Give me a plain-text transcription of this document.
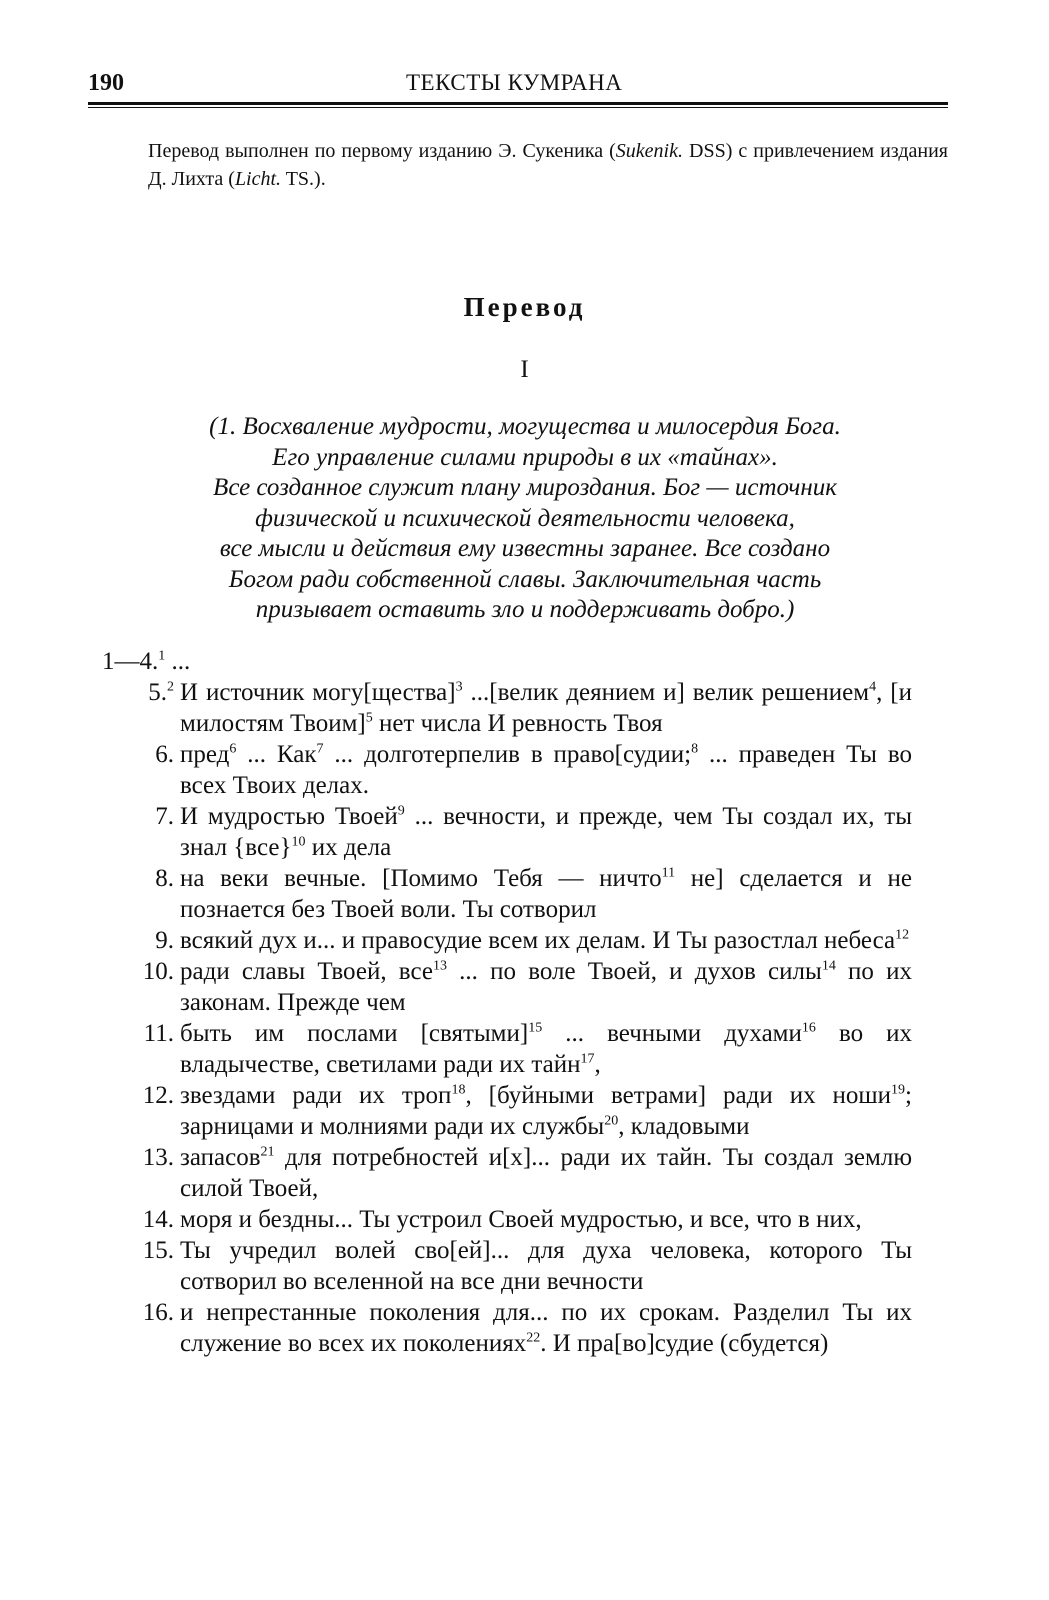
190	ТЕКСТЫ КУМРАНА
Перевод выполнен по первому изданию Э. Сукеника (Sukenik. DSS) с привлечением издания Д. Лихта (Licht. TS.).
Перевод
I
(1. Восхваление мудрости, могущества и милосердия Бога.
Его управление силами природы в их «тайнах».
Все созданное служит плану мироздания. Бог — источник
физической и психической деятельности человека,
все мысли и действия ему известны заранее. Все создано
Богом ради собственной славы. Заключительная часть
призывает оставить зло и поддерживать добро.)
1—4.$^1$ ...
5.$^2$ И источник могу[щества]$^3$ ...[велик деянием и] велик решением$^4$, [и милостям Твоим]$^5$ нет числа И ревность Твоя
6. пред$^6$ ... Как$^7$ ... долготерпелив в право[судии;$^8$ ... праведен Ты во всех Твоих делах.
7. И мудростью Твоей$^9$ ... вечности, и прежде, чем Ты создал их, ты знал {все}$^{10}$ их дела
8. на веки вечные. [Помимо Тебя — ничто$^{11}$ не] сделается и не познается без Твоей воли. Ты сотворил
9. всякий дух и... и правосудие всем их делам. И Ты разостлал небеса$^{12}$
10. ради славы Твоей, все$^{13}$ ... по воле Твоей, и духов силы$^{14}$ по их законам. Прежде чем
11. быть им послами [святыми]$^{15}$ ... вечными духами$^{16}$ во их владычестве, светилами ради их тайн$^{17}$,
12. звездами ради их троп$^{18}$, [буйными ветрами] ради их ноши$^{19}$; зарницами и молниями ради их службы$^{20}$, кладовыми
13. запасов$^{21}$ для потребностей и[х]... ради их тайн. Ты создал землю силой Твоей,
14. моря и бездны... Ты устроил Своей мудростью, и все, что в них,
15. Ты учредил волей сво[ей]... для духа человека, которого Ты сотворил во вселенной на все дни вечности
16. и непрестанные поколения для... по их срокам. Разделил Ты их служение во всех их поколениях$^{22}$. И пра[во]судие (сбудется)
